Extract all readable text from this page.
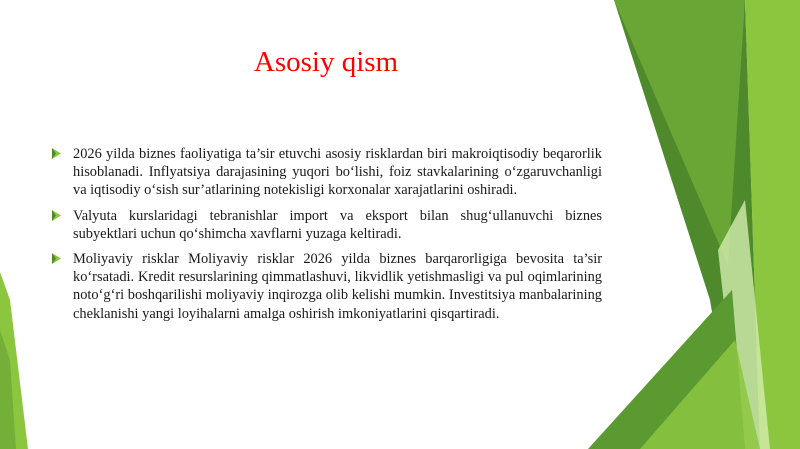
Asosiy qism
2026 yilda biznes faoliyatiga ta’sir etuvchi asosiy risklardan biri makroiqtisodiy beqarorlik hisoblanadi. Inflyatsiya darajasining yuqori bo‘lishi, foiz stavkalarining o‘zgaruvchanligi va iqtisodiy o‘sish sur’atlarining notekisligi korxonalar xarajatlarini oshiradi.
Valyuta kurslaridagi tebranishlar import va eksport bilan shug‘ullanuvchi biznes subyektlari uchun qo‘shimcha xavflarni yuzaga keltiradi.
Moliyaviy risklar Moliyaviy risklar 2026 yilda biznes barqarorligiga bevosita ta’sir ko‘rsatadi. Kredit resurslarining qimmatlashuvi, likvidlik yetishmasligi va pul oqimlarining noto‘g‘ri boshqarilishi moliyaviy inqirozga olib kelishi mumkin. Investitsiya manbalarining cheklanishi yangi loyihalarni amalga oshirish imkoniyatlarini qisqartiradi.
